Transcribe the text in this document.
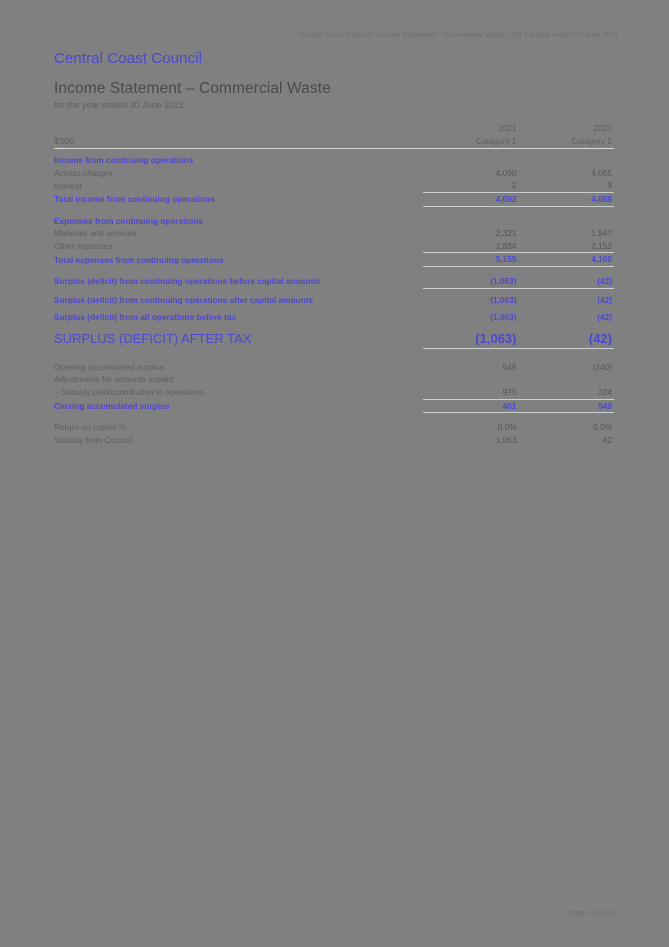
Central Coast Council | Income Statement – Commercial Waste | For the year ended 30 June 2021
Central Coast Council
Income Statement – Commercial Waste
for the year ended 30 June 2021
	2021	2020
$'000	Category 1	Category 1

Income from continuing operations		
Access charges	4,090	4,055
Interest	2	3
Total income from continuing operations	4,092	4,058

Expenses from continuing operations		
Materials and services	2,321	1,947
Other expenses	2,834	2,153
Total expenses from continuing operations	5,155	4,100

Surplus (deficit) from continuing operations before capital amounts	(1,063)	(42)

Surplus (deficit) from continuing operations after capital amounts	(1,063)	(42)

Surplus (deficit) from all operations before tax	(1,063)	(42)

SURPLUS (DEFICIT) AFTER TAX	(1,063)	(42)

Opening accumulated surplus	549	(240)
Adjustments for amounts unpaid:		
– Subsidy paid/contribution to operations	975	324
Closing accumulated surplus	461	549

Return on capital %	0.0%	0.0%
Subsidy from Council	1,063	42
Page 10 of 29
